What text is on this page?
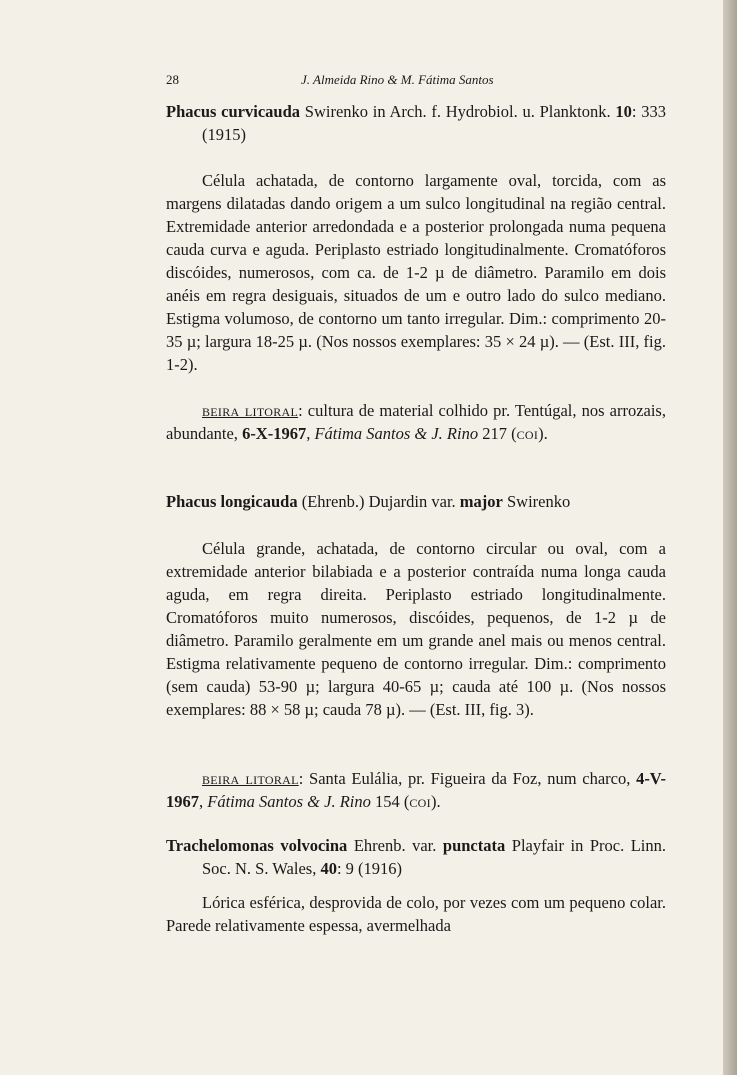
28	J. Almeida Rino & M. Fátima Santos

Phacus curvicauda Swirenko in Arch. f. Hydrobiol. u. Planktonk. 10: 333 (1915)

Célula achatada, de contorno largamente oval, torcida, com as margens dilatadas dando origem a um sulco longitudinal na região central. Extremidade anterior arredondada e a posterior prolongada numa pequena cauda curva e aguda. Periplasto estriado longitudinalmente. Cromatóforos discóides, numerosos, com ca. de 1-2 µ de diâmetro. Paramilo em dois anéis em regra desiguais, situados de um e outro lado do sulco mediano. Estigma volumoso, de contorno um tanto irregular. Dim.: comprimento 20-35 µ; largura 18-25 µ. (Nos nossos exemplares: 35 × 24 µ). — (Est. III, fig. 1-2).

beira litoral: cultura de material colhido pr. Tentúgal, nos arrozais, abundante, 6-X-1967, Fátima Santos & J. Rino 217 (coi).

Phacus longicauda (Ehrenb.) Dujardin var. major Swirenko

Célula grande, achatada, de contorno circular ou oval, com a extremidade anterior bilabiada e a posterior contraída numa longa cauda aguda, em regra direita. Periplasto estriado longitudinalmente. Cromatóforos muito numerosos, discóides, pequenos, de 1-2 µ de diâmetro. Paramilo geralmente em um grande anel mais ou menos central. Estigma relativamente pequeno de contorno irregular. Dim.: comprimento (sem cauda) 53-90 µ; largura 40-65 µ; cauda até 100 µ. (Nos nossos exemplares: 88 × 58 µ; cauda 78 µ). — (Est. III, fig. 3).

beira litoral: Santa Eulália, pr. Figueira da Foz, num charco, 4-V-1967, Fátima Santos & J. Rino 154 (coi).

Trachelomonas volvocina Ehrenb. var. punctata Playfair in Proc. Linn. Soc. N. S. Wales, 40: 9 (1916)

Lórica esférica, desprovida de colo, por vezes com um pequeno colar. Parede relativamente espessa, avermelhada
